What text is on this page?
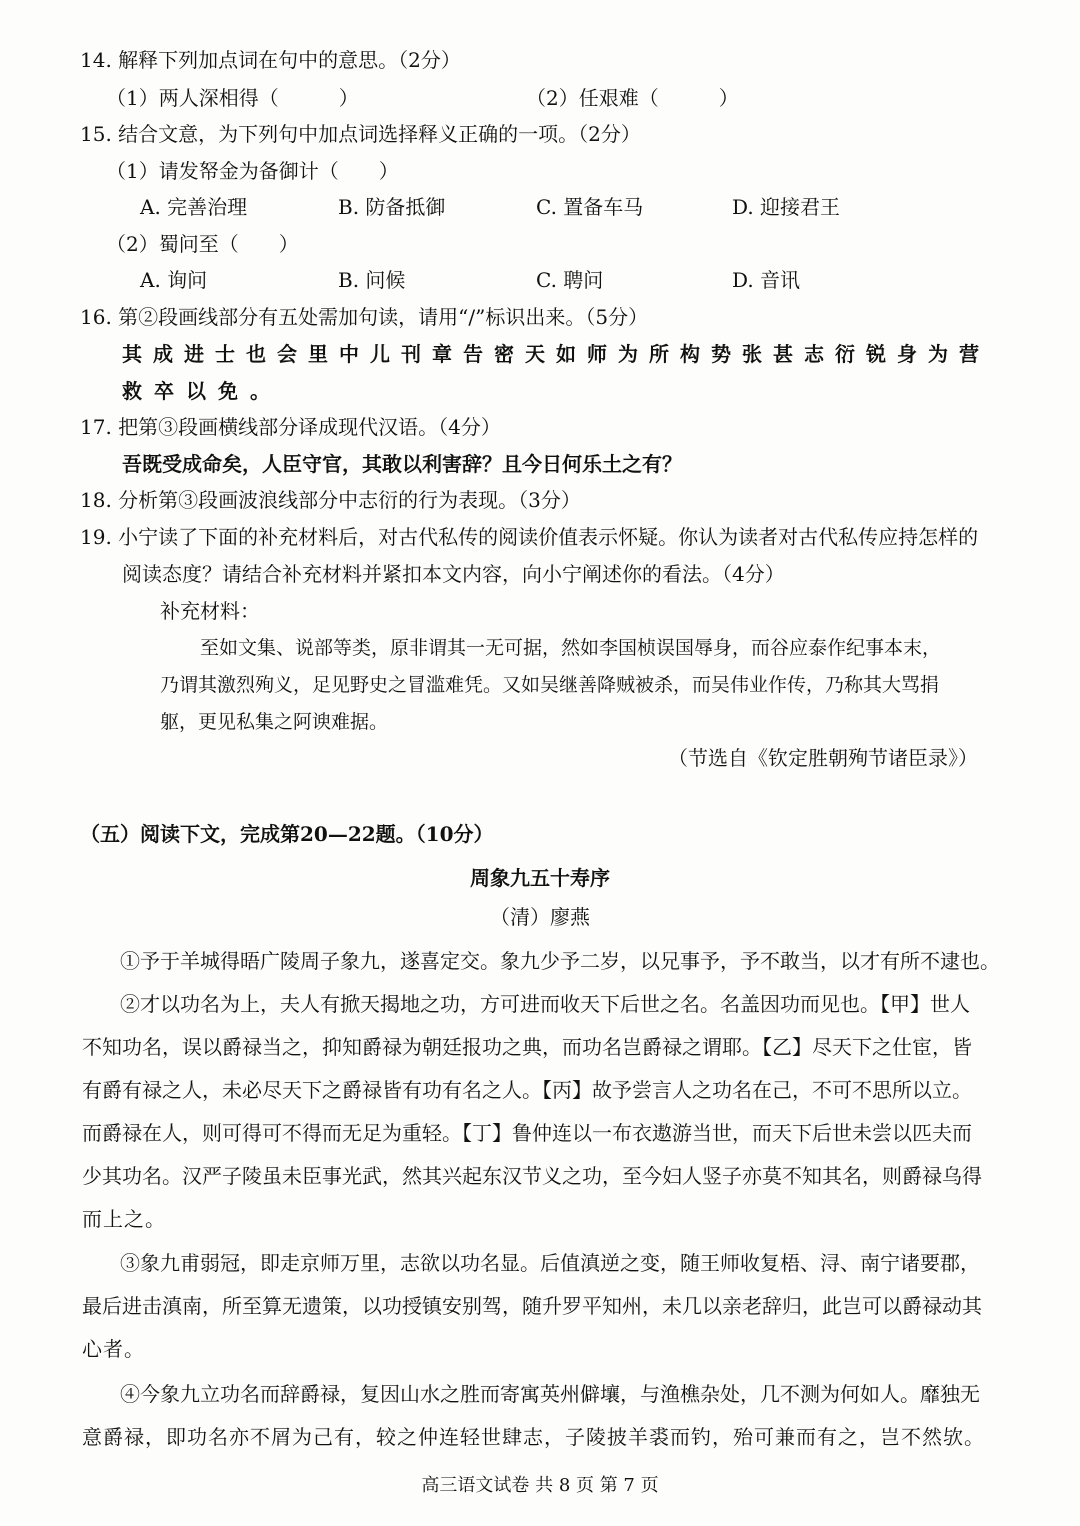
14. 解释下列加点词在句中的意思。（2分）
（1）两人深相得（　　　）	（2）任艰难（　　　）
15. 结合文意，为下列句中加点词选择释义正确的一项。（2分）
（1）请发帑金为备御计（　　）
A. 完善治理	B. 防备抵御	C. 置备车马	D. 迎接君王
（2）蜀问至（　　）
A. 询问	B. 问候	C. 聘问	D. 音讯
16. 第②段画线部分有五处需加句读，请用“/”标识出来。（5分）
其成进士也会里中儿刊章告密天如师为所构势张甚志衍锐身为营
救卒以免。
17. 把第③段画横线部分译成现代汉语。（4分）
吾既受成命矣，人臣守官，其敢以利害辞？且今日何乐土之有？
18. 分析第③段画波浪线部分中志衍的行为表现。（3分）
19. 小宁读了下面的补充材料后，对古代私传的阅读价值表示怀疑。你认为读者对古代私传应持怎样的
阅读态度？请结合补充材料并紧扣本文内容，向小宁阐述你的看法。（4分）
补充材料：
至如文集、说部等类，原非谓其一无可据，然如李国桢误国辱身，而谷应泰作纪事本末，
乃谓其激烈殉义，足见野史之冒滥难凭。又如吴继善降贼被杀，而吴伟业作传，乃称其大骂捐
躯，更见私集之阿谀难据。
（节选自《钦定胜朝殉节诸臣录》）
（五）阅读下文，完成第20—22题。（10分）
周象九五十寿序
（清）廖燕
①予于羊城得晤广陵周子象九，遂喜定交。象九少予二岁，以兄事予，予不敢当，以才有所不逮也。
②才以功名为上，夫人有掀天揭地之功，方可进而收天下后世之名。名盖因功而见也。【甲】世人
不知功名，误以爵禄当之，抑知爵禄为朝廷报功之典，而功名岂爵禄之谓耶。【乙】尽天下之仕宦，皆
有爵有禄之人，未必尽天下之爵禄皆有功有名之人。【丙】故予尝言人之功名在己，不可不思所以立。
而爵禄在人，则可得可不得而无足为重轻。【丁】鲁仲连以一布衣遨游当世，而天下后世未尝以匹夫而
少其功名。汉严子陵虽未臣事光武，然其兴起东汉节义之功，至今妇人竖子亦莫不知其名，则爵禄乌得
而上之。
③象九甫弱冠，即走京师万里，志欲以功名显。后值滇逆之变，随王师收复梧、浔、南宁诸要郡，
最后进击滇南，所至算无遗策，以功授镇安别驾，随升罗平知州，未几以亲老辞归，此岂可以爵禄动其
心者。
④今象九立功名而辞爵禄，复因山水之胜而寄寓英州僻壤，与渔樵杂处，几不测为何如人。靡独无
意爵禄，即功名亦不屑为己有，较之仲连轻世肆志，子陵披羊裘而钓，殆可兼而有之，岂不然欤。
高三语文试卷 共 8 页 第 7 页
